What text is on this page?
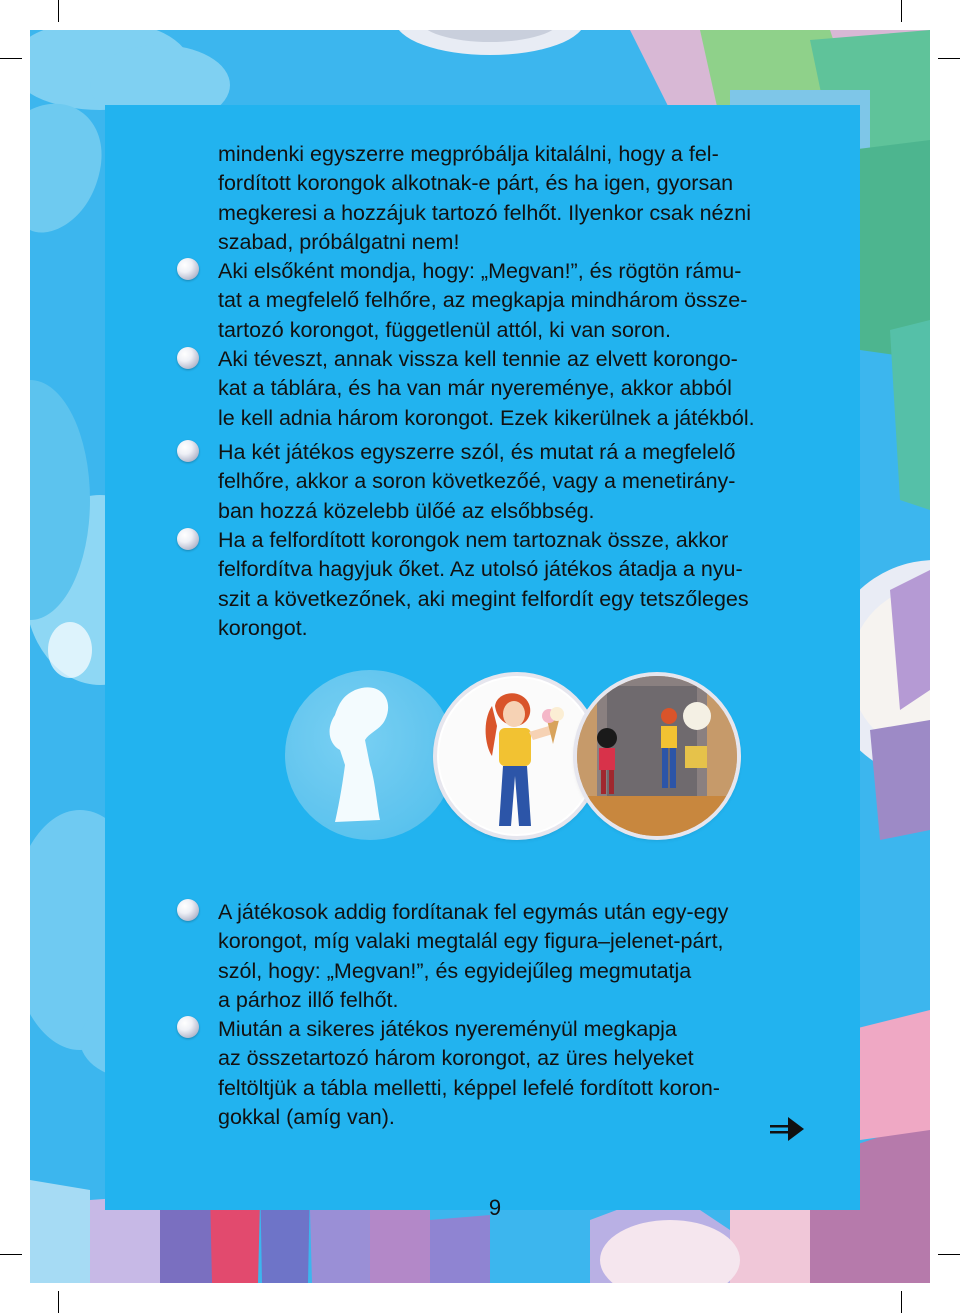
mindenki egyszerre megpróbálja kitalálni, hogy a fel-
fordított korongok alkotnak-e párt, és ha igen, gyorsan
megkeresi a hozzájuk tartozó felhőt. Ilyenkor csak nézni
szabad, próbálgatni nem!

Aki elsőként mondja, hogy: „Megvan!”, és rögtön rámu-
tat a megfelelő felhőre, az megkapja mindhárom össze-
tartozó korongot, függetlenül attól, ki van soron.

Aki téveszt, annak vissza kell tennie az elvett korongo-
kat a táblára, és ha van már nyereménye, akkor abból
le kell adnia három korongot. Ezek kikerülnek a játékból.

Ha két játékos egyszerre szól, és mutat rá a megfelelő
felhőre, akkor a soron következőé, vagy a menetirány-
ban hozzá közelebb ülőé az elsőbbség.

Ha a felfordított korongok nem tartoznak össze, akkor
felfordítva hagyjuk őket. Az utolsó játékos átadja a nyu-
szit a következőnek, aki megint felfordít egy tetszőleges
korongot.

A játékosok addig fordítanak fel egymás után egy-egy
korongot, míg valaki megtalál egy figura–jelenet-párt,
szól, hogy: „Megvan!”, és egyidejűleg megmutatja
a párhoz illő felhőt.

Miután a sikeres játékos nyereményül megkapja
az összetartozó három korongot, az üres helyeket
feltöltjük a tábla melletti, képpel lefelé fordított koron-
gokkal (amíg van).

9
